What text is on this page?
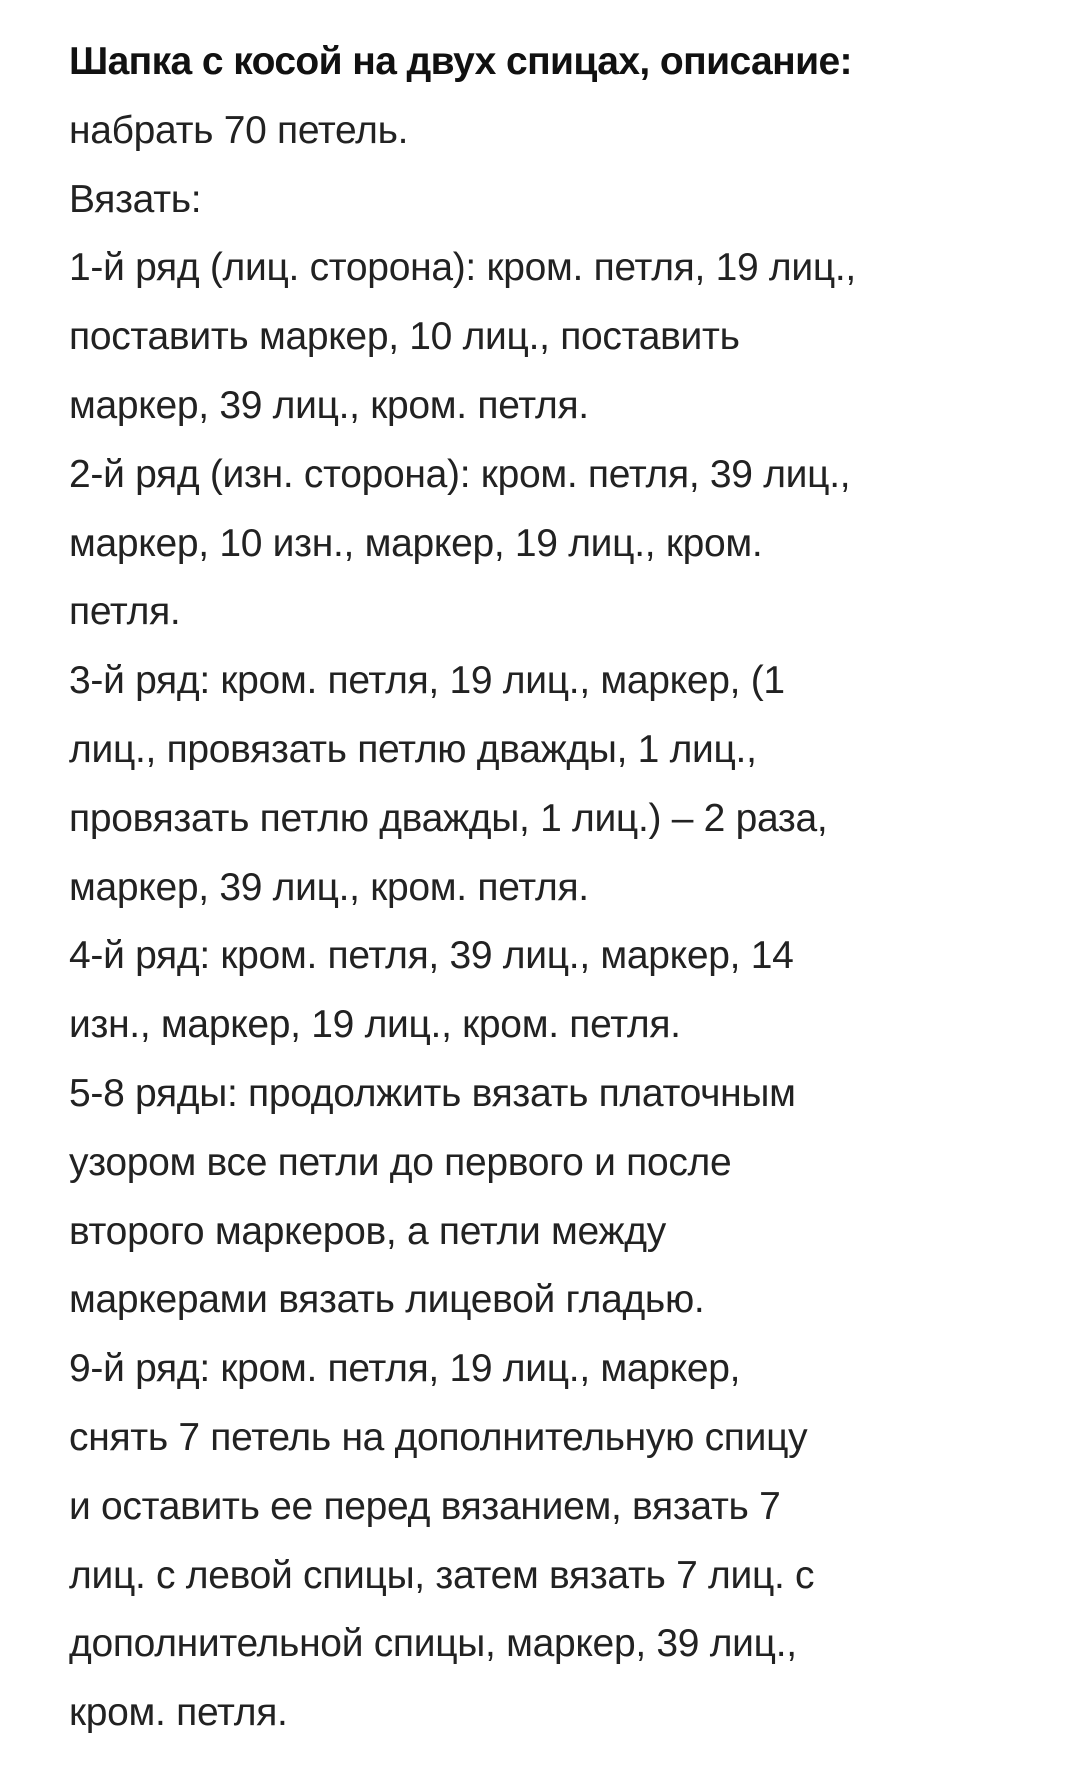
Шапка с косой на двух спицах, описание:
набрать 70 петель.
Вязать:
1-й ряд (лиц. сторона): кром. петля, 19 лиц.,
поставить маркер, 10 лиц., поставить
маркер, 39 лиц., кром. петля.
2-й ряд (изн. сторона): кром. петля, 39 лиц.,
маркер, 10 изн., маркер, 19 лиц., кром.
петля.
3-й ряд: кром. петля, 19 лиц., маркер, (1
лиц., провязать петлю дважды, 1 лиц.,
провязать петлю дважды, 1 лиц.) – 2 раза,
маркер, 39 лиц., кром. петля.
4-й ряд: кром. петля, 39 лиц., маркер, 14
изн., маркер, 19 лиц., кром. петля.
5-8 ряды: продолжить вязать платочным
узором все петли до первого и после
второго маркеров, а петли между
маркерами вязать лицевой гладью.
9-й ряд: кром. петля, 19 лиц., маркер,
снять 7 петель на дополнительную спицу
и оставить ее перед вязанием, вязать 7
лиц. с левой спицы, затем вязать 7 лиц. с
дополнительной спицы, маркер, 39 лиц.,
кром. петля.
